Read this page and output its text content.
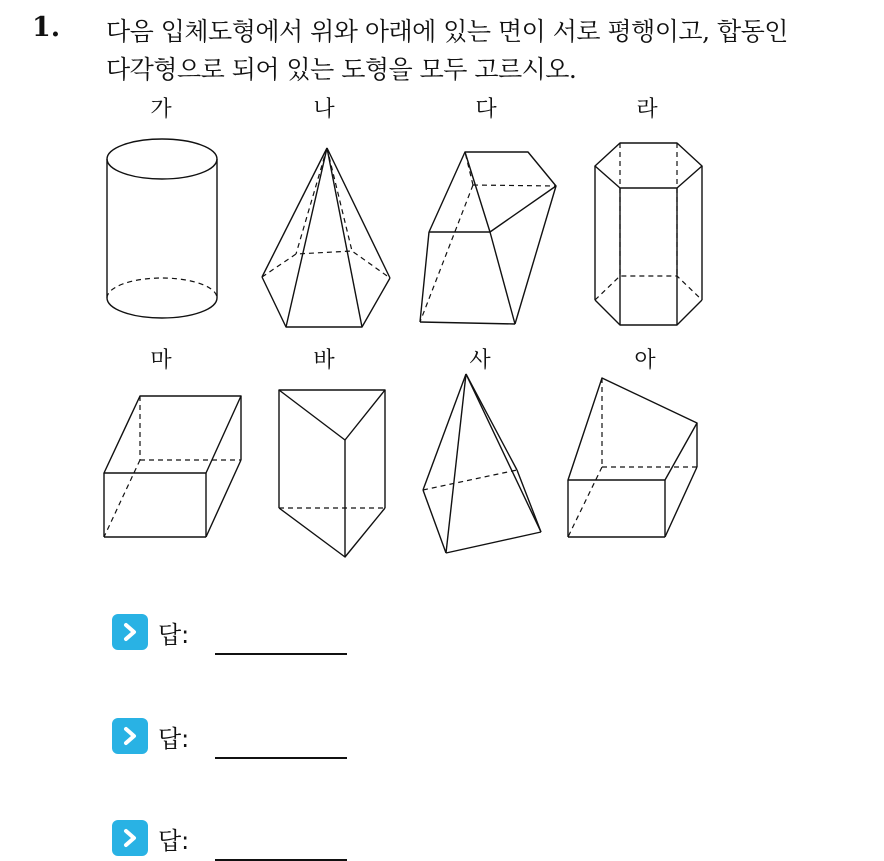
1. 다음 입체도형에서 위와 아래에 있는 면이 서로 평행이고, 합동인
다각형으로 되어 있는 도형을 모두 고르시오.
가	나	다	라
마	바	사	아
답:
답:
답:
